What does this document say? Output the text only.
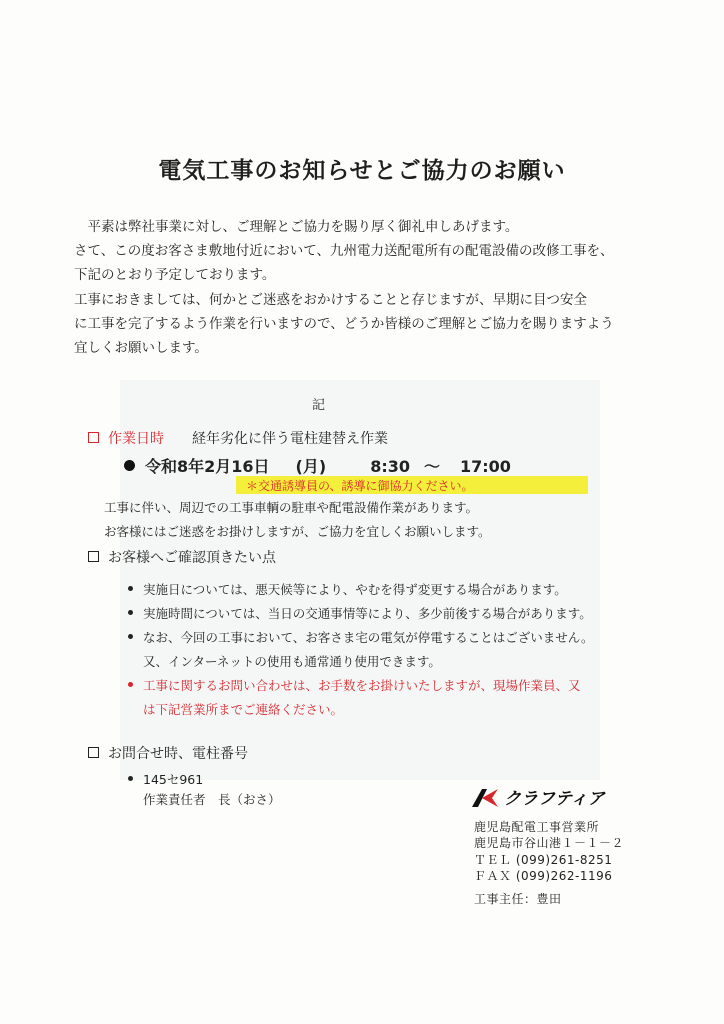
電気工事のお知らせとご協力のお願い
　平素は弊社事業に対し、ご理解とご協力を賜り厚く御礼申しあげます。
さて、この度お客さま敷地付近において、九州電力送配電所有の配電設備の改修工事を、
下記のとおり予定しております。
工事におきましては、何かとご迷惑をおかけすることと存じますが、早期に目つ安全
に工事を完了するよう作業を行いますので、どうか皆様のご理解とご協力を賜りますよう
宜しくお願いします。
記
作業日時 経年劣化に伴う電柱建替え作業
令和8年2月16日 (月)	8:30 ～ 17:00
＊交通誘導員の、誘導に御協力ください。
工事に伴い、周辺での工事車輌の駐車や配電設備作業があります。
お客様にはご迷惑をお掛けしますが、ご協力を宜しくお願いします。
お客様へご確認頂きたい点
実施日については、悪天候等により、やむを得ず変更する場合があります。
実施時間については、当日の交通事情等により、多少前後する場合があります。
なお、今回の工事において、お客さま宅の電気が停電することはございません。
又、インターネットの使用も通常通り使用できます。
工事に関するお問い合わせは、お手数をお掛けいたしますが、現場作業員、又
は下記営業所までご連絡ください。
お問合せ時、電柱番号
145セ961
作業責任者　長（おさ）	クラフティア
鹿児島配電工事営業所
鹿児島市谷山港１－１－２
ＴＥＬ (099)261-8251
ＦＡＸ (099)262-1196
工事主任：豊田
